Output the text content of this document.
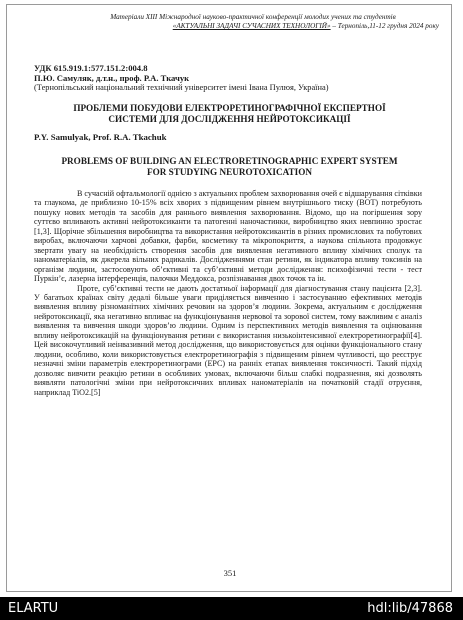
Матеріали XIII Міжнародної науково-практичної конференції молодих учених та студентів
«АКТУАЛЬНІ ЗАДАЧІ СУЧАСНИХ ТЕХНОЛОГІЙ» – Тернопіль,11-12 грудня 2024 року
УДК 615.919.1:577.151.2:004.8
П.Ю. Самуляк, д.т.н., проф. Р.А. Ткачук
(Тернопільський національний технічний університет імені Івана Пулюя, Україна)
ПРОБЛЕМИ ПОБУДОВИ ЕЛЕКТРОРЕТИНОГРАФІЧНОЇ ЕКСПЕРТНОЇ
СИСТЕМИ ДЛЯ ДОСЛІДЖЕННЯ НЕЙРОТОКСИКАЦІЇ
P.Y. Samulyak, Prof. R.A. Tkachuk
PROBLEMS OF BUILDING AN ELECTRORETINOGRAPHIC EXPERT SYSTEM
FOR STUDYING NEUROTOXICATION

В сучасній офтальмології однією з актуальних проблем захворювання очей є відшарування сітківки та глаукома, де приблизно 10-15% всіх хворих з підвищеним рівнем внутрішнього тиску (ВОТ) потребують пошуку нових методів та засобів для раннього виявлення захворювання. Відомо, що на погіршення зору суттєво впливають активні нейротоксиканти та патогенні наночастинки, виробництво яких невпинно зростає [1,3]. Щорічне збільшення виробництва та використання нейротоксикантів в різних промислових та побутових виробах, включаючи харчові добавки, фарби, косметику та мікропокриття, а наукова спільнота продовжує звертати увагу на необхідність створення засобів для виявлення негативного впливу хімічних сполук та наноматеріалів, як джерела вільних радикалів. Дослідженнями стан ретини, як індикатора впливу токсинів на організм людини, застосовують об’єктивні та суб’єктивні методи дослідження: психофізичні тести - тест Пуркін’є, лазерна інтерференція, палочки Меддокса, розпізнавання двох точок та ін.

Проте, суб’єктивні тести не дають достатньої інформації для діагностування стану пацієнта [2,3]. У багатьох країнах світу дедалі більше уваги приділяється вивченню і застосуванню ефективних методів виявлення впливу різноманітних хімічних речовин на здоров’я людини. Зокрема, актуальним є дослідження нейротоксикації, яка негативно впливає на функціонування нервової та зорової систем, тому важливим є аналіз виявлення та вивчення шкоди здоров’ю людини. Одним із перспективних методів виявлення та оцінювання впливу нейротоксикацій на функціонування ретини є використання низькоінтенсивної електроретинографії[4]. Цей високочутливий неінвазивний метод дослідження, що використовується для оцінки функціонального стану людини, особливо, коли використовується електроретинографія з підвищеним рівнем чутливості, що реєструє незначні зміни параметрів електроретинограми (ЕРС) на ранніх етапах виявлення токсичності. Такий підхід дозволяє вивчити реакцію ретини в особливих умовах, включаючи більш слабкі подразнення, які дозволять виявляти патологічні зміни при нейротоксичних впливах наноматеріалів на початковій стадії отруєння, наприклад TiO2.[5]

351
ELARTU	hdl:lib/47868
